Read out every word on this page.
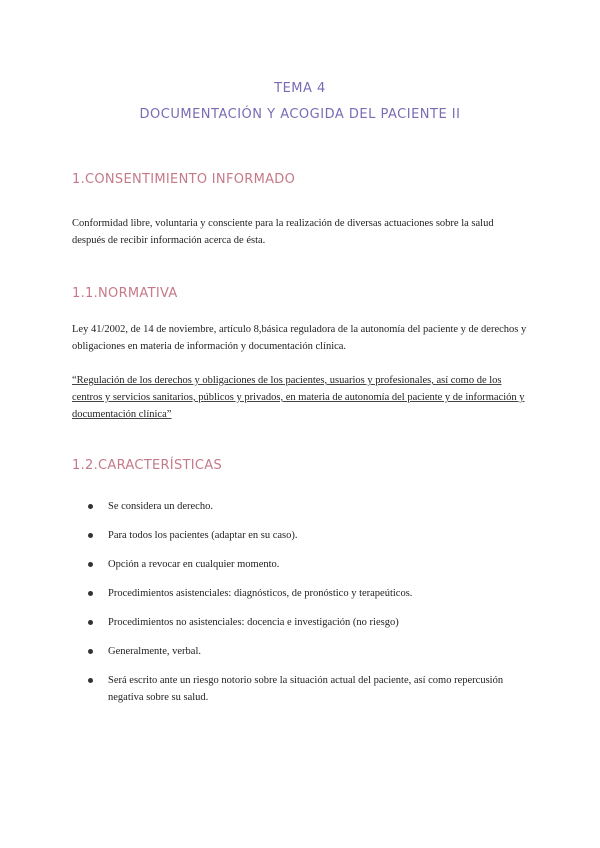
TEMA 4
DOCUMENTACIÓN Y ACOGIDA DEL PACIENTE II
1.CONSENTIMIENTO INFORMADO

Conformidad libre, voluntaria y consciente para la realización de diversas actuaciones sobre la salud después de recibir información acerca de ésta.

1.1.NORMATIVA

Ley 41/2002, de 14 de noviembre, artículo 8,básica reguladora de la autonomía del paciente y de derechos y obligaciones en materia de información y documentación clínica.

“Regulación de los derechos y obligaciones de los pacientes, usuarios y profesionales, así como de los centros y servicios sanitarios, públicos y privados, en materia de autonomía del paciente y de información y documentación clínica”

1.2.CARACTERÍSTICAS
Se considera un derecho.
Para todos los pacientes (adaptar en su caso).
Opción a revocar en cualquier momento.
Procedimientos asistenciales: diagnósticos, de pronóstico y terapeúticos.
Procedimientos no asistenciales: docencia e investigación (no riesgo)
Generalmente, verbal.
Será escrito ante un riesgo notorio sobre la situación actual del paciente, así como repercusión negativa sobre su salud.
